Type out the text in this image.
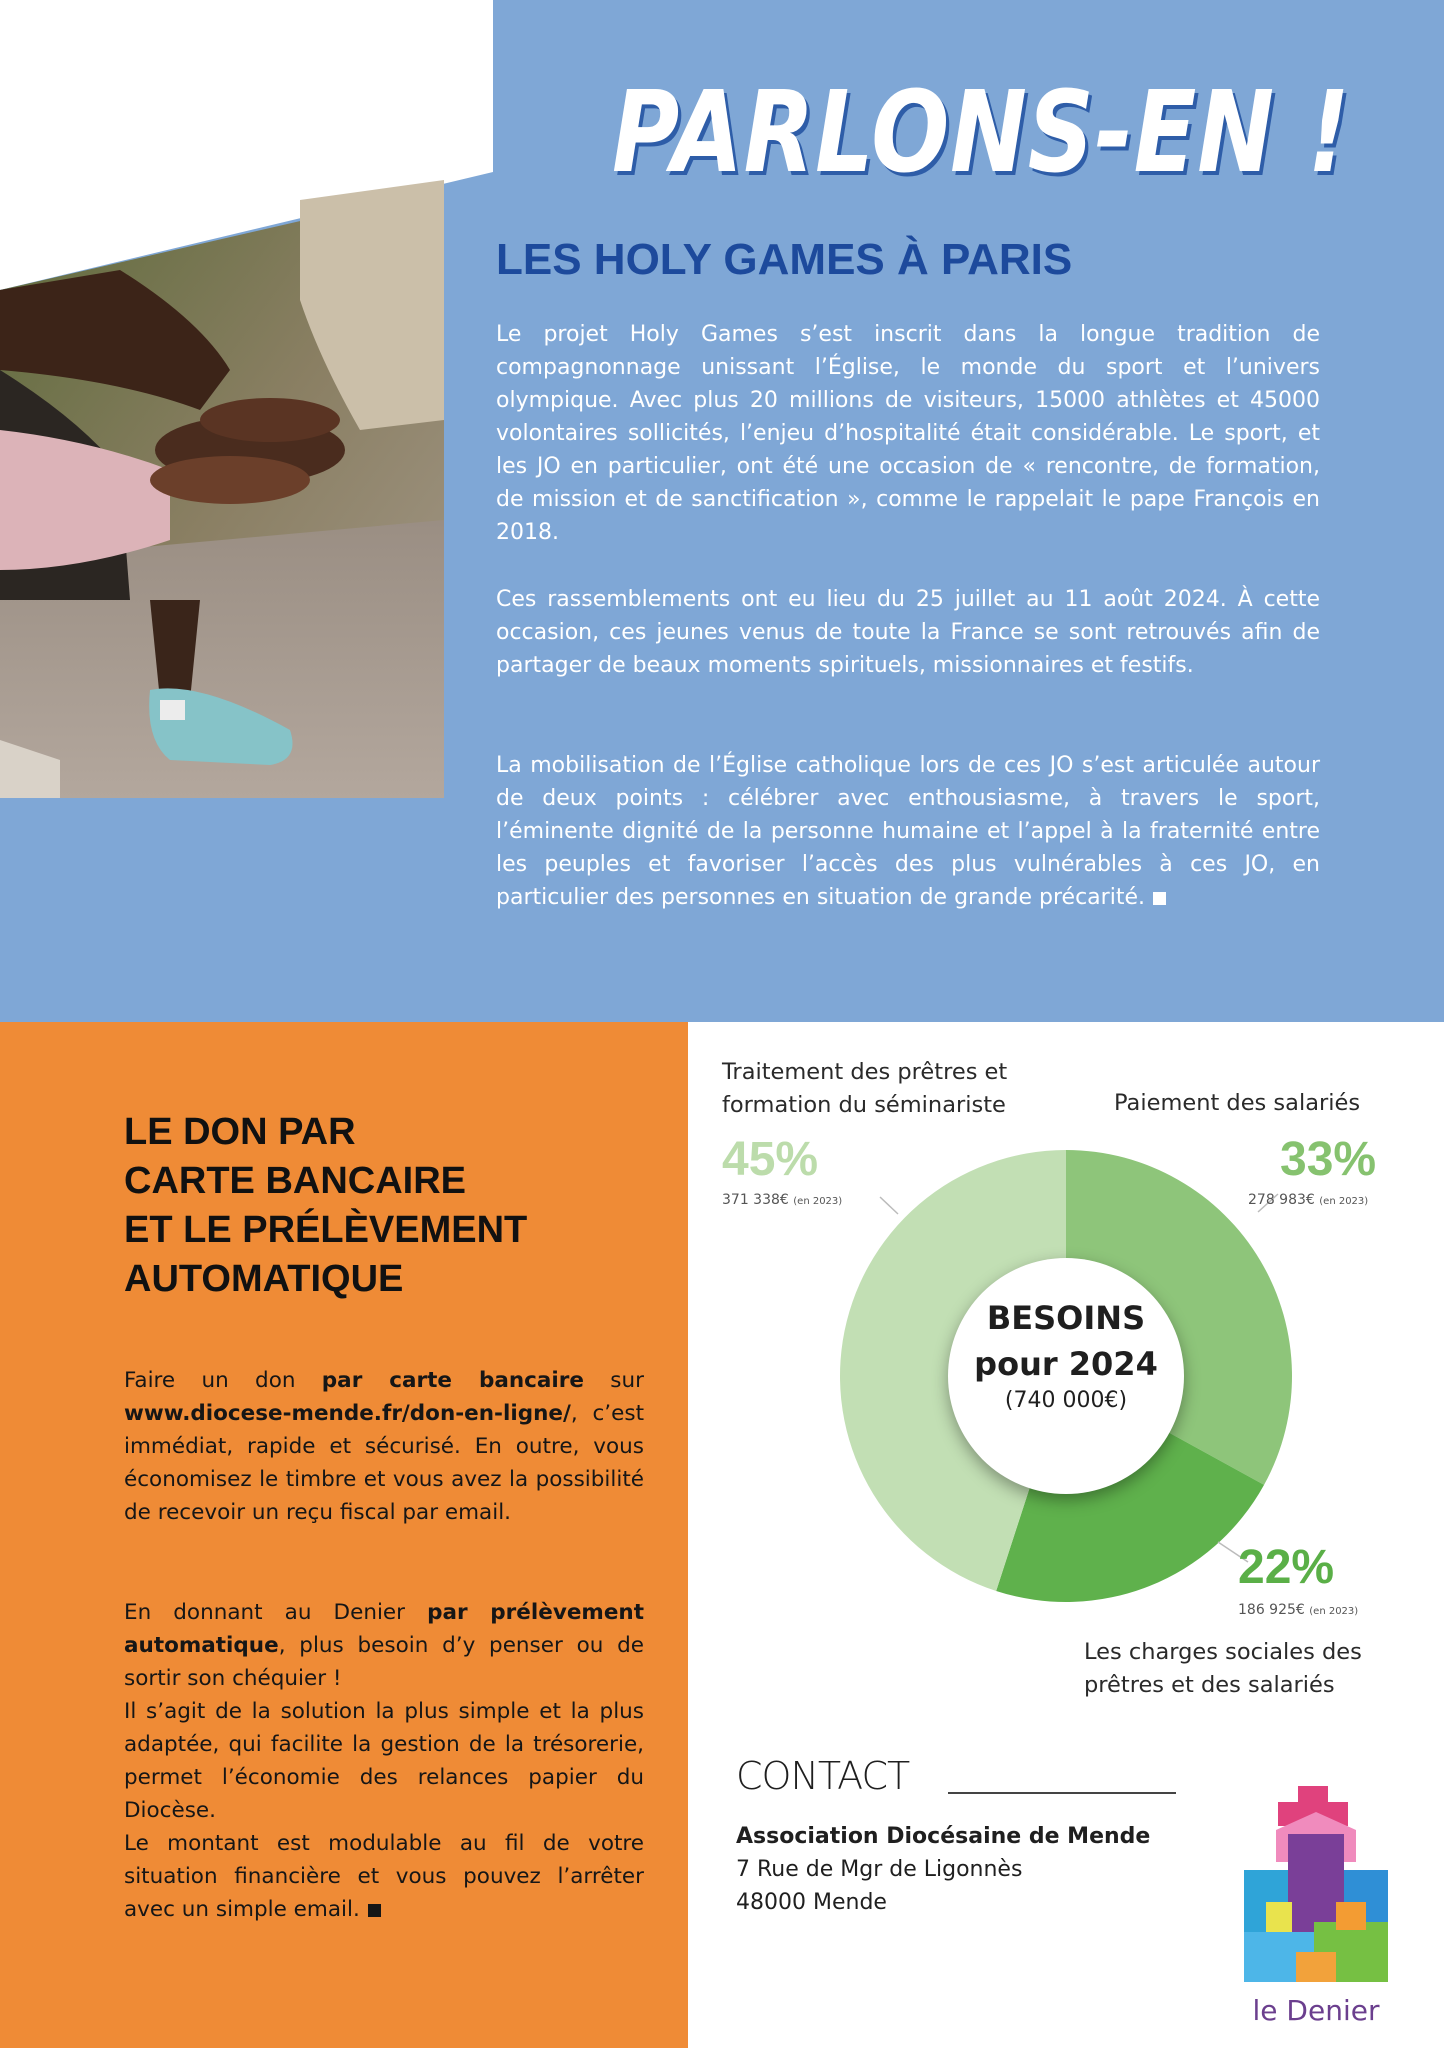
PARLONS-EN !
LES HOLY GAMES À PARIS
Le projet Holy Games s’est inscrit dans la longue tradition de compagnonnage unissant l’Église, le monde du sport et l’univers olympique. Avec plus 20 millions de visiteurs, 15000 athlètes et 45000 volontaires sollicités, l’enjeu d’hospitalité était considérable. Le sport, et les JO en particulier, ont été une occasion de « rencontre, de formation, de mission et de sanctification », comme le rappelait le pape François en 2018.
Ces rassemblements ont eu lieu du 25 juillet au 11 août 2024. À cette occasion, ces jeunes venus de toute la France se sont retrouvés afin de partager de beaux moments spirituels, missionnaires et festifs.
La mobilisation de l’Église catholique lors de ces JO s’est articulée autour de deux points : célébrer avec enthousiasme, à travers le sport, l’éminente dignité de la personne humaine et l’appel à la fraternité entre les peuples et favoriser l’accès des plus vulnérables à ces JO, en particulier des personnes en situation de grande précarité.
LE DON PAR
CARTE BANCAIRE
ET LE PRÉLÈVEMENT
AUTOMATIQUE
Faire un don par carte bancaire sur www.diocese-mende.fr/don-en-ligne/, c’est immédiat, rapide et sécurisé. En outre, vous économisez le timbre et vous avez la possibilité de recevoir un reçu fiscal par email.
En donnant au Denier par prélèvement automatique, plus besoin d’y penser ou de sortir son chéquier !
Il s’agit de la solution la plus simple et la plus adaptée, qui facilite la gestion de la trésorerie, permet l’économie des relances papier du Diocèse.
Le montant est modulable au fil de votre situation financière et vous pouvez l’arrêter avec un simple email.
BESOINS
pour 2024
(740 000€)
Traitement des prêtres et formation du séminariste
45%
371 338€ (en 2023)
Paiement des salariés
33%
278 983€ (en 2023)
22%
186 925€ (en 2023)
Les charges sociales des prêtres et des salariés
CONTACT
Association Diocésaine de Mende
7 Rue de Mgr de Ligonnès
48000 Mende
le Denier
